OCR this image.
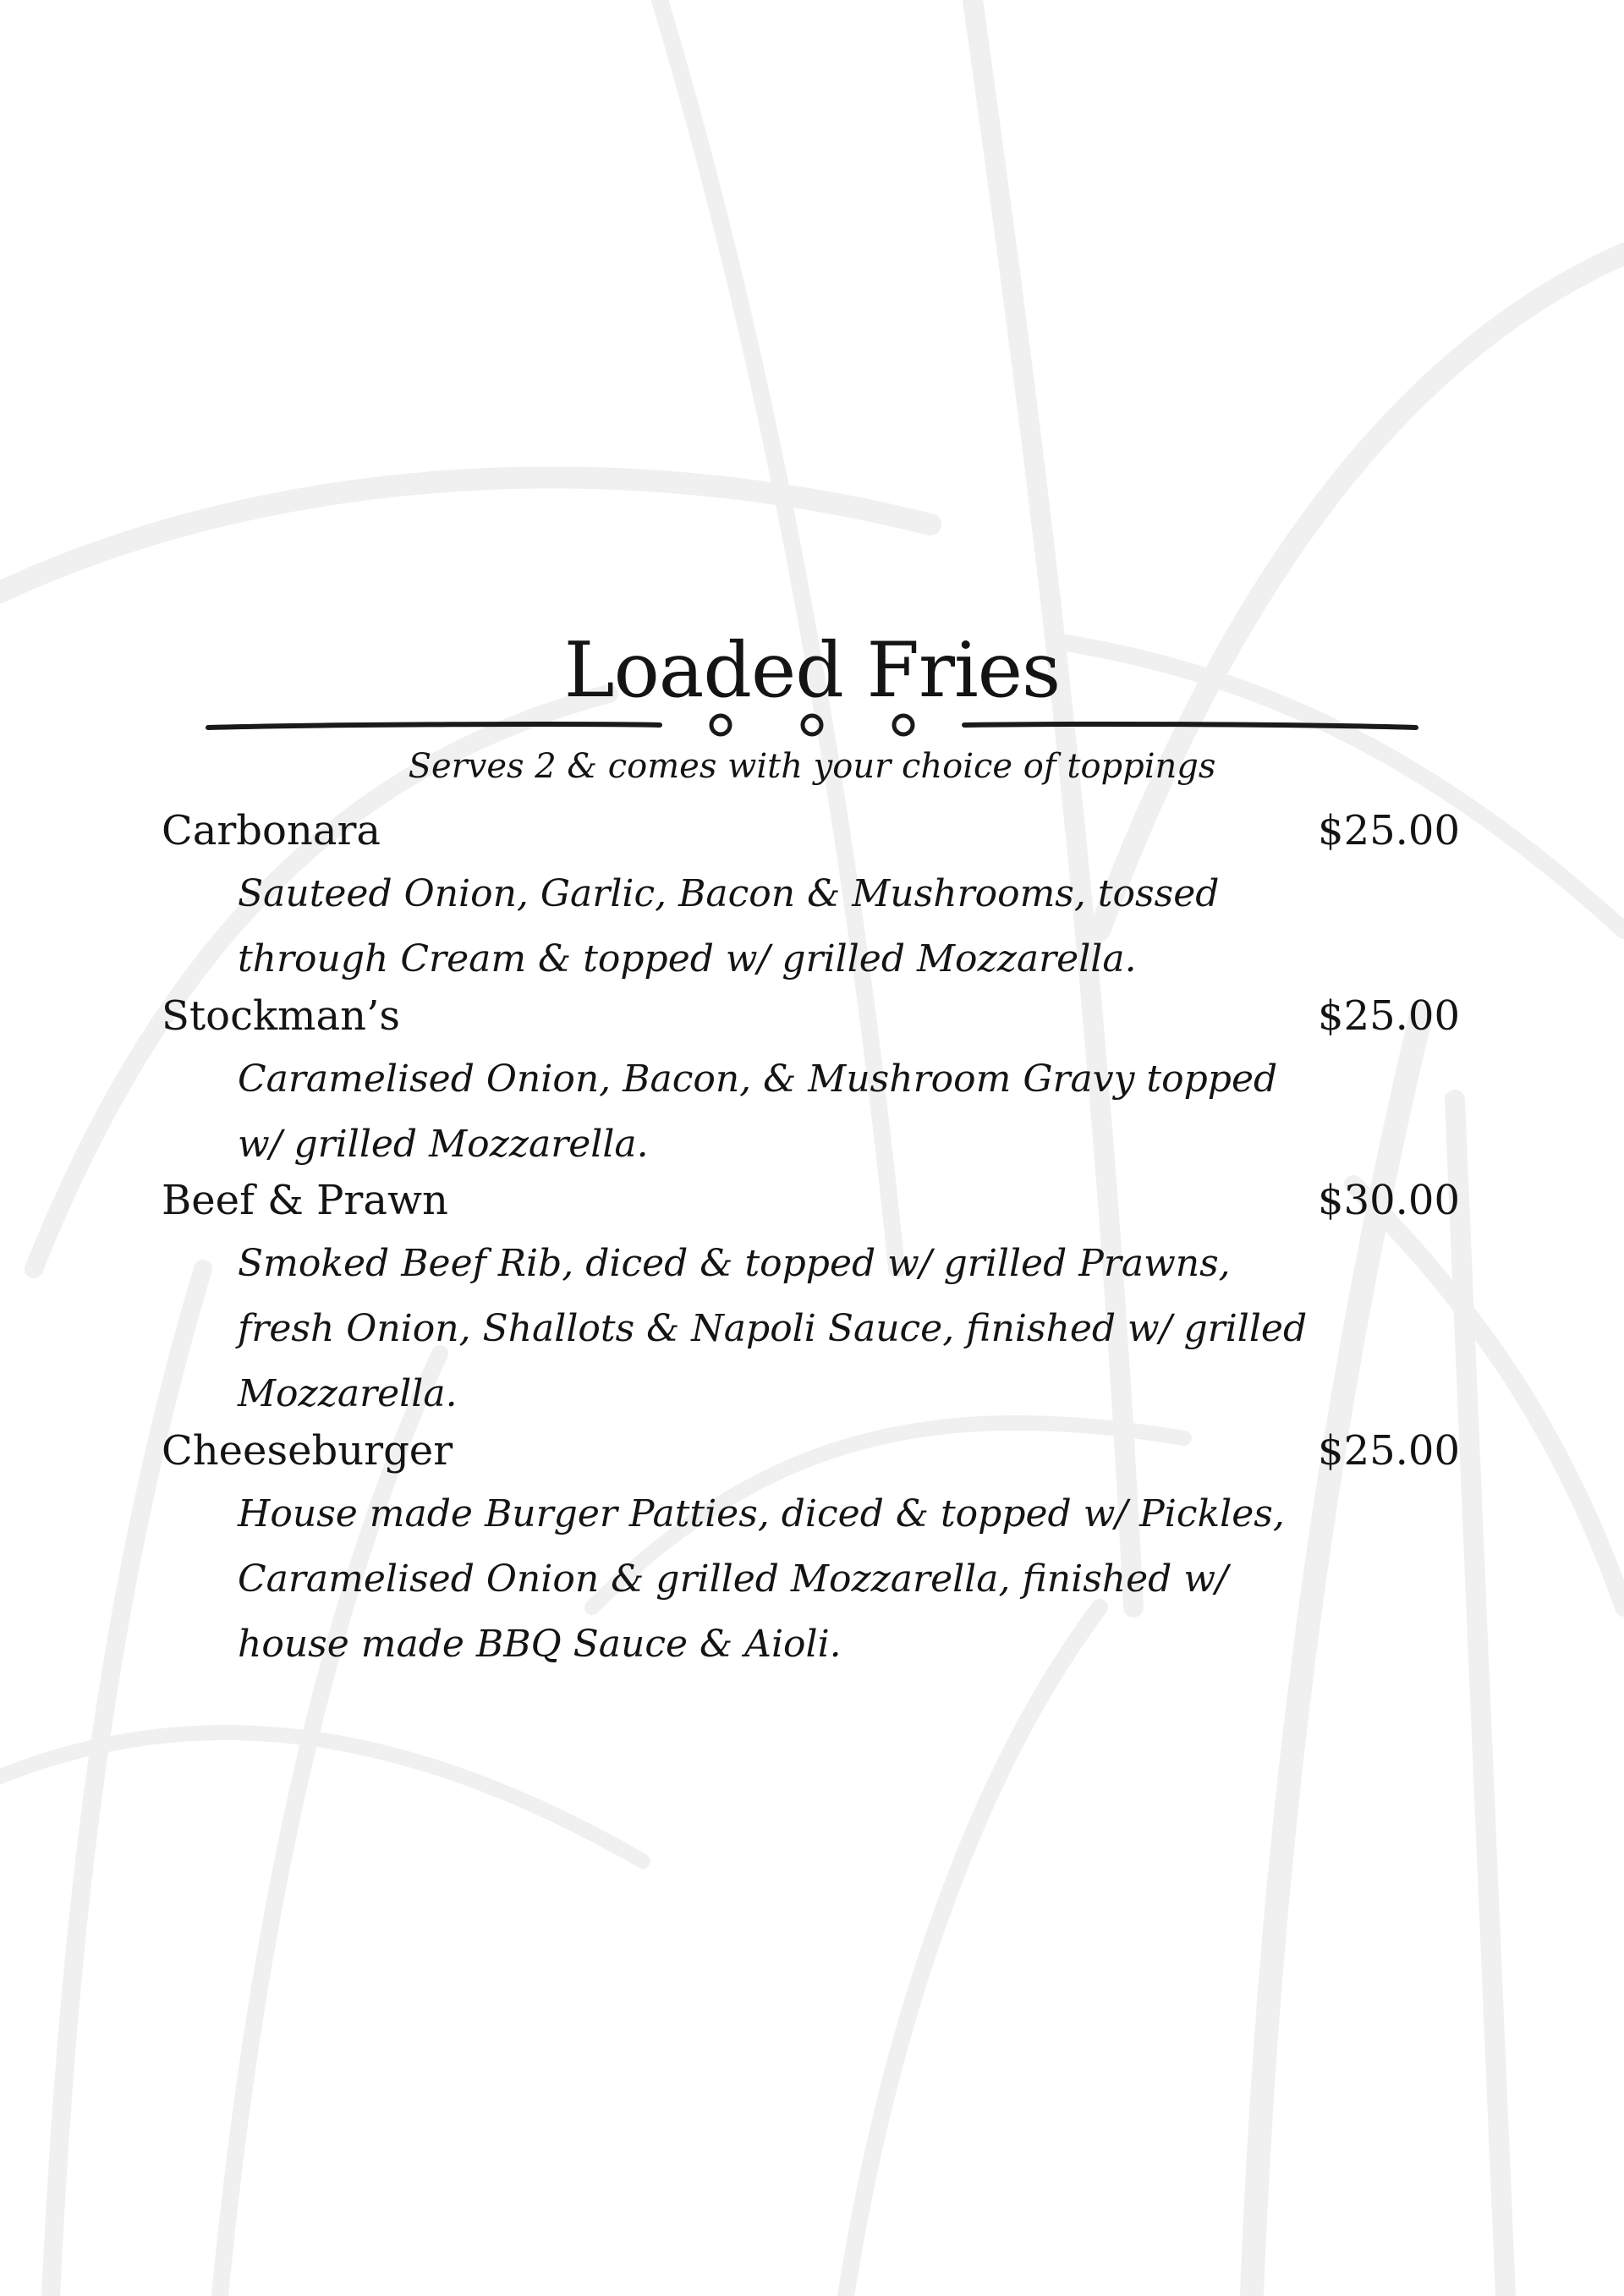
Loaded Fries

Serves 2 & comes with your choice of toppings

Carbonara	$25.00

Sauteed Onion, Garlic, Bacon & Mushrooms, tossed through Cream & topped w/ grilled Mozzarella.

Stockman’s	$25.00

Caramelised Onion, Bacon, & Mushroom Gravy topped w/ grilled Mozzarella.

Beef & Prawn	$30.00

Smoked Beef Rib, diced & topped w/ grilled Prawns, fresh Onion, Shallots & Napoli Sauce, finished w/ grilled Mozzarella.

Cheeseburger	$25.00

House made Burger Patties, diced & topped w/ Pickles, Caramelised Onion & grilled Mozzarella, finished w/ house made BBQ Sauce & Aioli.
